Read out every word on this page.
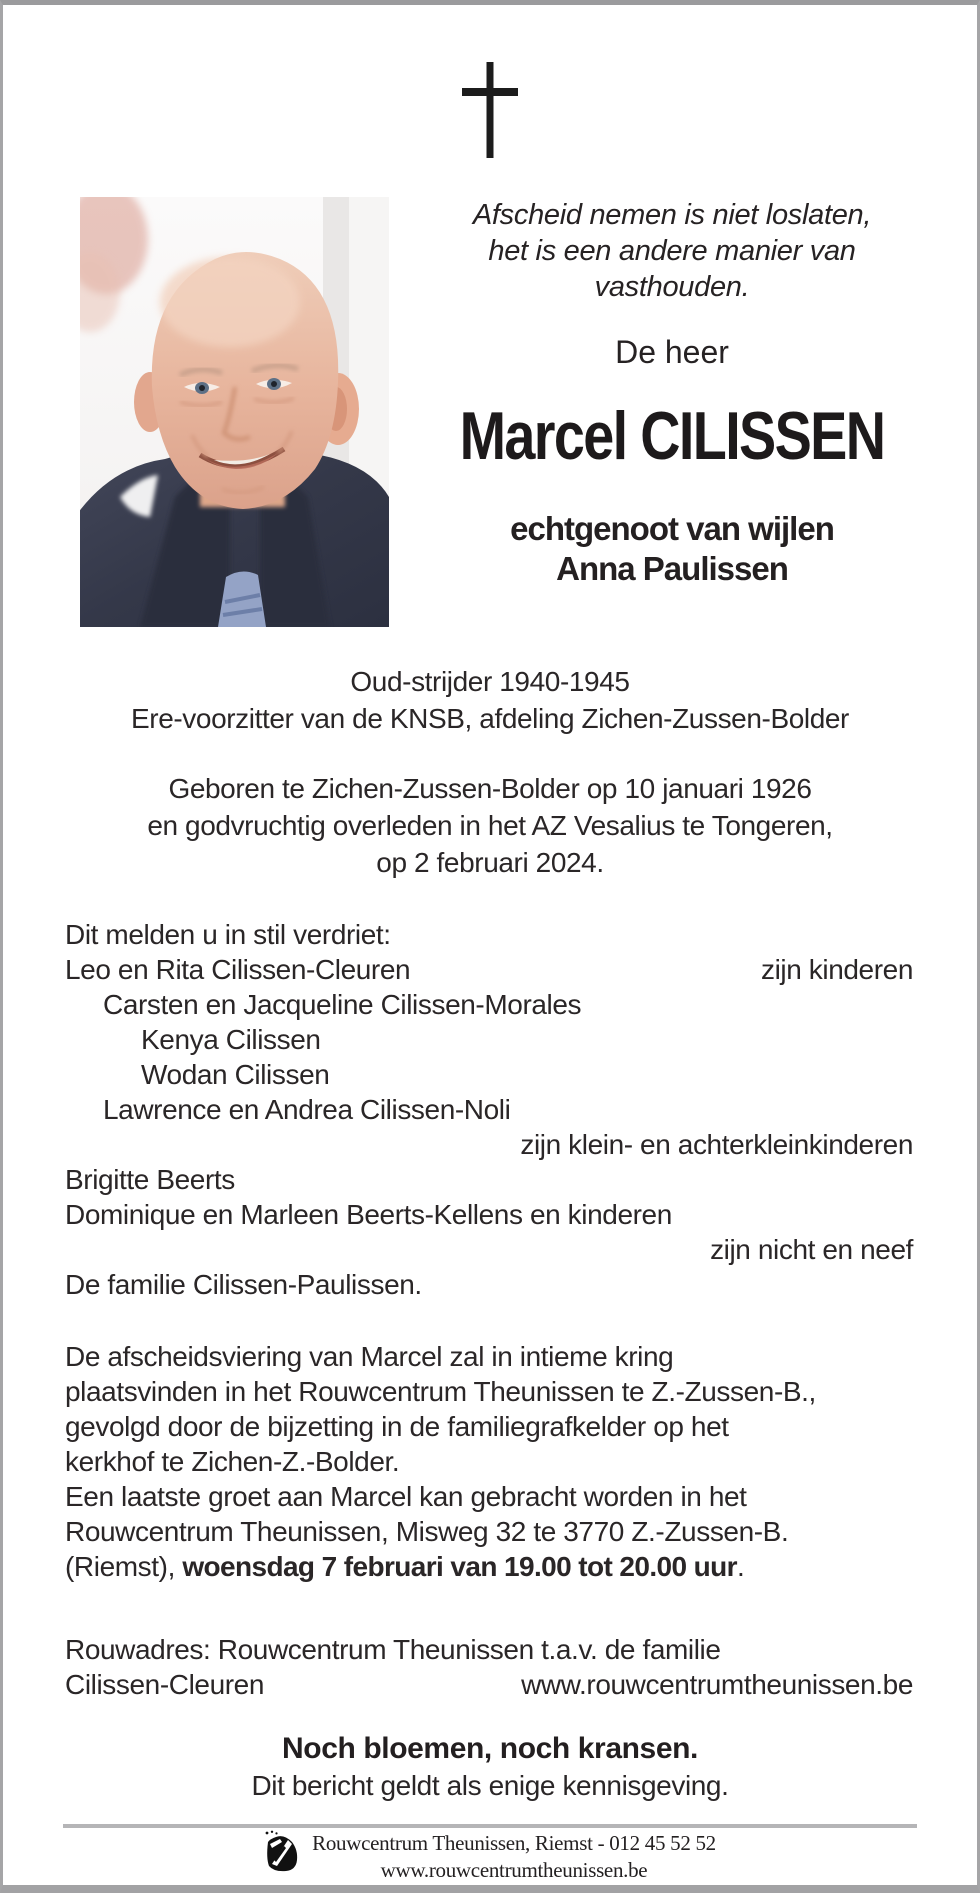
Afscheid nemen is niet loslaten,
het is een andere manier van
vasthouden.
De heer
Marcel CILISSEN
echtgenoot van wijlen
Anna Paulissen
Oud-strijder 1940-1945
Ere-voorzitter van de KNSB, afdeling Zichen-Zussen-Bolder
Geboren te Zichen-Zussen-Bolder op 10 januari 1926
en godvruchtig overleden in het AZ Vesalius te Tongeren,
op 2 februari 2024.
Dit melden u in stil verdriet:
Leo en Rita Cilissen-Cleuren	zijn kinderen
Carsten en Jacqueline Cilissen-Morales
Kenya Cilissen
Wodan Cilissen
Lawrence en Andrea Cilissen-Noli
zijn klein- en achterkleinkinderen
Brigitte Beerts
Dominique en Marleen Beerts-Kellens en kinderen
zijn nicht en neef
De familie Cilissen-Paulissen.
De afscheidsviering van Marcel zal in intieme kring
plaatsvinden in het Rouwcentrum Theunissen te Z.-Zussen-B.,
gevolgd door de bijzetting in de familiegrafkelder op het
kerkhof te Zichen-Z.-Bolder.
Een laatste groet aan Marcel kan gebracht worden in het
Rouwcentrum Theunissen, Misweg 32 te 3770 Z.-Zussen-B.
(Riemst), woensdag 7 februari van 19.00 tot 20.00 uur.
Rouwadres: Rouwcentrum Theunissen t.a.v. de familie
Cilissen-Cleuren	www.rouwcentrumtheunissen.be
Noch bloemen, noch kransen.
Dit bericht geldt als enige kennisgeving.
Rouwcentrum Theunissen, Riemst - 012 45 52 52
www.rouwcentrumtheunissen.be
